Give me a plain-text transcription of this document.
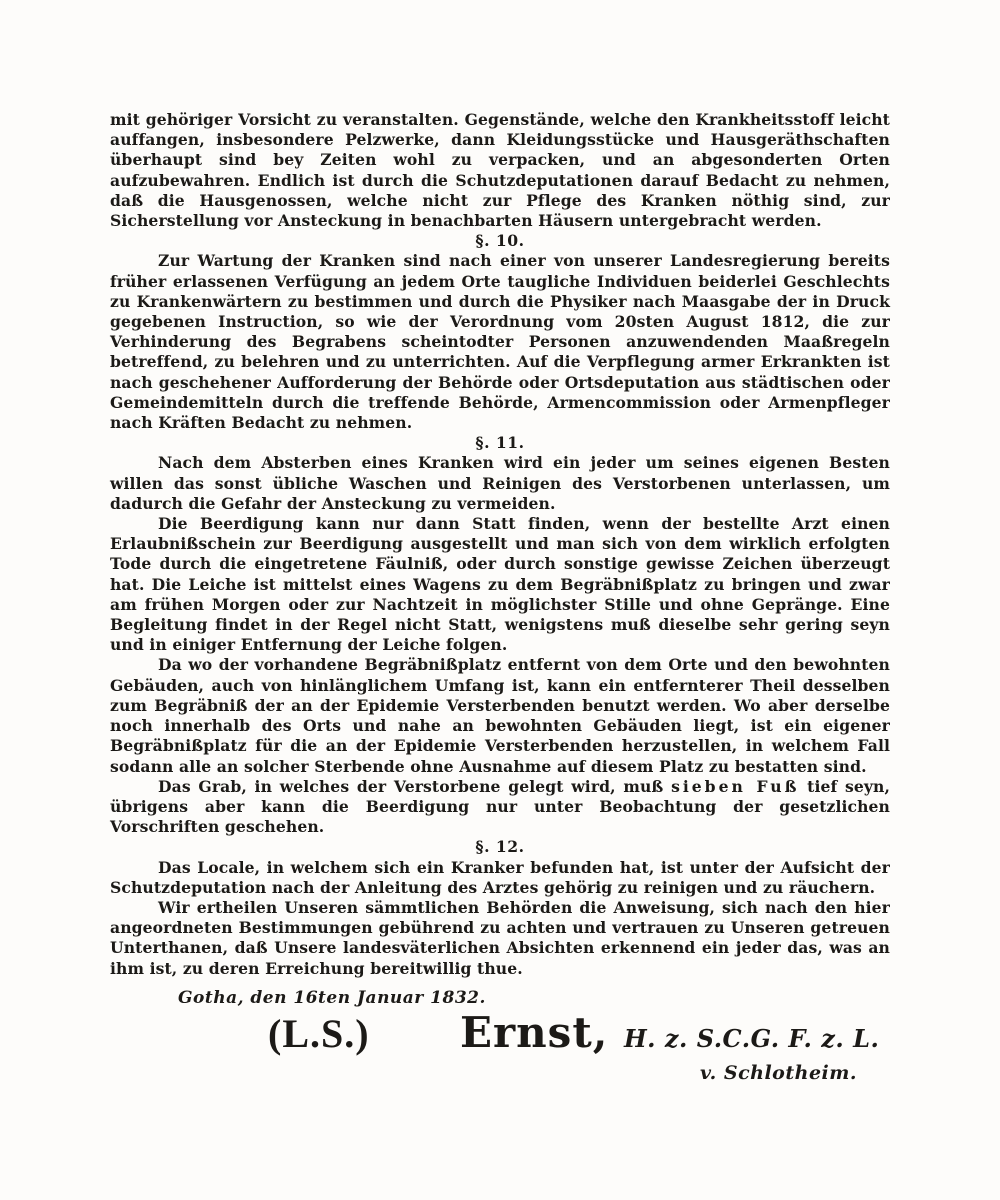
mit gehöriger Vorsicht zu veranstalten. Gegenstände, welche den Krankheitsstoff leicht auffangen, insbesondere Pelzwerke, dann Kleidungsstücke und Hausgeräthschaften überhaupt sind bey Zeiten wohl zu verpacken, und an abgesonderten Orten aufzubewahren. Endlich ist durch die Schutzdeputationen darauf Bedacht zu nehmen, daß die Hausgenossen, welche nicht zur Pflege des Kranken nöthig sind, zur Sicherstellung vor Ansteckung in benachbarten Häusern untergebracht werden.

§. 10.

Zur Wartung der Kranken sind nach einer von unserer Landesregierung bereits früher erlassenen Verfügung an jedem Orte taugliche Individuen beiderlei Geschlechts zu Krankenwärtern zu bestimmen und durch die Physiker nach Maasgabe der in Druck gegebenen Instruction, so wie der Verordnung vom 20sten August 1812, die zur Verhinderung des Begrabens scheintodter Personen anzuwendenden Maaßregeln betreffend, zu belehren und zu unterrichten. Auf die Verpflegung armer Erkrankten ist nach geschehener Aufforderung der Behörde oder Ortsdeputation aus städtischen oder Gemeindemitteln durch die treffende Behörde, Armencommission oder Armenpfleger nach Kräften Bedacht zu nehmen.

§. 11.

Nach dem Absterben eines Kranken wird ein jeder um seines eigenen Besten willen das sonst übliche Waschen und Reinigen des Verstorbenen unterlassen, um dadurch die Gefahr der Ansteckung zu vermeiden.

Die Beerdigung kann nur dann Statt finden, wenn der bestellte Arzt einen Erlaubnißschein zur Beerdigung ausgestellt und man sich von dem wirklich erfolgten Tode durch die eingetretene Fäulniß, oder durch sonstige gewisse Zeichen überzeugt hat. Die Leiche ist mittelst eines Wagens zu dem Begräbnißplatz zu bringen und zwar am frühen Morgen oder zur Nachtzeit in möglichster Stille und ohne Gepränge. Eine Begleitung findet in der Regel nicht Statt, wenigstens muß dieselbe sehr gering seyn und in einiger Entfernung der Leiche folgen.

Da wo der vorhandene Begräbnißplatz entfernt von dem Orte und den bewohnten Gebäuden, auch von hinlänglichem Umfang ist, kann ein entfernterer Theil desselben zum Begräbniß der an der Epidemie Versterbenden benutzt werden. Wo aber derselbe noch innerhalb des Orts und nahe an bewohnten Gebäuden liegt, ist ein eigener Begräbnißplatz für die an der Epidemie Versterbenden herzustellen, in welchem Fall sodann alle an solcher Sterbende ohne Ausnahme auf diesem Platz zu bestatten sind.

Das Grab, in welches der Verstorbene gelegt wird, muß sieben Fuß tief seyn, übrigens aber kann die Beerdigung nur unter Beobachtung der gesetzlichen Vorschriften geschehen.

§. 12.

Das Locale, in welchem sich ein Kranker befunden hat, ist unter der Aufsicht der Schutzdeputation nach der Anleitung des Arztes gehörig zu reinigen und zu räuchern.

Wir ertheilen Unseren sämmtlichen Behörden die Anweisung, sich nach den hier angeordneten Bestimmungen gebührend zu achten und vertrauen zu Unseren getreuen Unterthanen, daß Unsere landesväterlichen Absichten erkennend ein jeder das, was an ihm ist, zu deren Erreichung bereitwillig thue.

Gotha, den 16ten Januar 1832.
(L.S.) Ernst, H. z. S.C.G. F. z. L.
v. Schlotheim.
